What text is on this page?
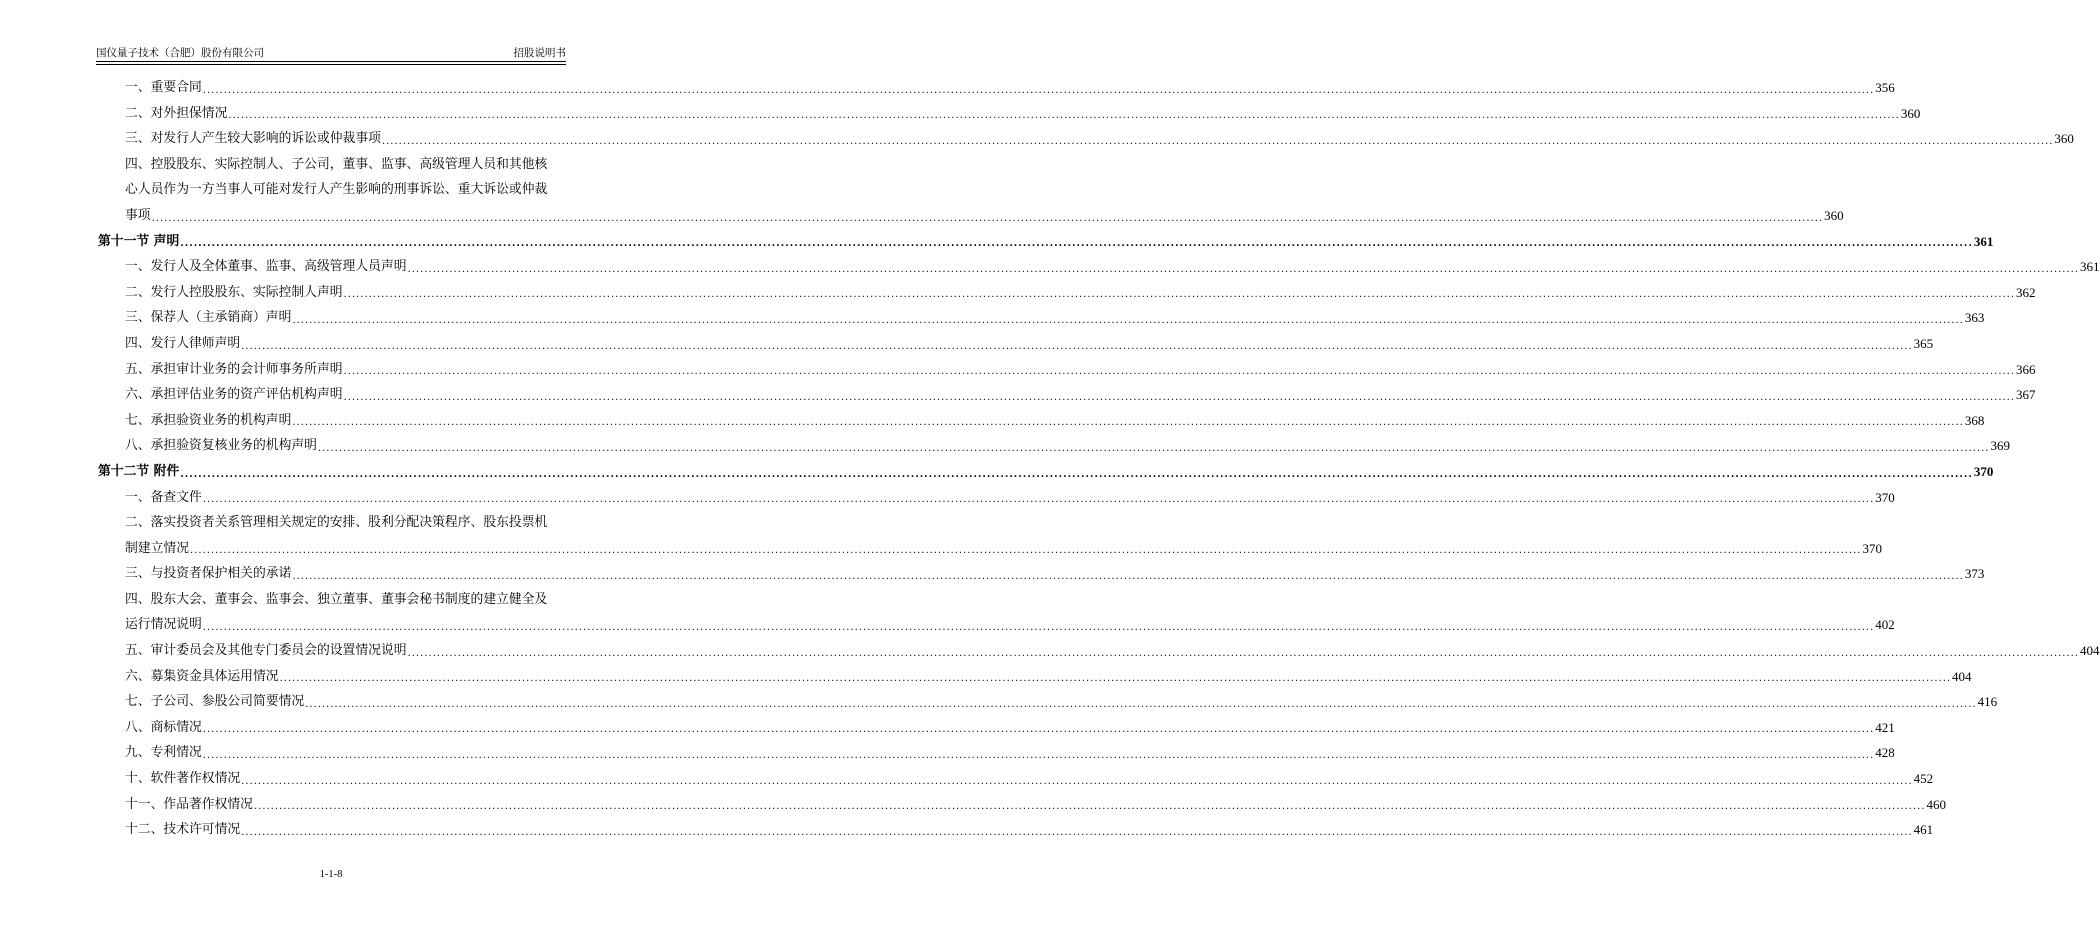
国仪量子技术（合肥）股份有限公司	招股说明书
一、重要合同 ................................................................................................................................................................................................................................................................................................................................................................................................................ 356
二、对外担保情况 ................................................................................................................................................................................................................................................................................................................................................................................................................ 360
三、对发行人产生较大影响的诉讼或仲裁事项 ................................................................................................................................................................................................................................................................................................................................................................................................................ 360
四、控股股东、实际控制人、子公司，董事、监事、高级管理人员和其他核
心人员作为一方当事人可能对发行人产生影响的刑事诉讼、重大诉讼或仲裁
事项 ................................................................................................................................................................................................................................................................................................................................................................................................................ 360
第十一节 声明 ................................................................................................................................................................................................................................................................................................................................................................................................................ 361
一、发行人及全体董事、监事、高级管理人员声明 ................................................................................................................................................................................................................................................................................................................................................................................................................ 361
二、发行人控股股东、实际控制人声明 ................................................................................................................................................................................................................................................................................................................................................................................................................ 362
三、保荐人（主承销商）声明 ................................................................................................................................................................................................................................................................................................................................................................................................................ 363
四、发行人律师声明 ................................................................................................................................................................................................................................................................................................................................................................................................................ 365
五、承担审计业务的会计师事务所声明 ................................................................................................................................................................................................................................................................................................................................................................................................................ 366
六、承担评估业务的资产评估机构声明 ................................................................................................................................................................................................................................................................................................................................................................................................................ 367
七、承担验资业务的机构声明 ................................................................................................................................................................................................................................................................................................................................................................................................................ 368
八、承担验资复核业务的机构声明 ................................................................................................................................................................................................................................................................................................................................................................................................................ 369
第十二节 附件 ................................................................................................................................................................................................................................................................................................................................................................................................................ 370
一、备查文件 ................................................................................................................................................................................................................................................................................................................................................................................................................ 370
二、落实投资者关系管理相关规定的安排、股利分配决策程序、股东投票机
制建立情况 ................................................................................................................................................................................................................................................................................................................................................................................................................ 370
三、与投资者保护相关的承诺 ................................................................................................................................................................................................................................................................................................................................................................................................................ 373
四、股东大会、董事会、监事会、独立董事、董事会秘书制度的建立健全及
运行情况说明 ................................................................................................................................................................................................................................................................................................................................................................................................................ 402
五、审计委员会及其他专门委员会的设置情况说明 ................................................................................................................................................................................................................................................................................................................................................................................................................ 404
六、募集资金具体运用情况 ................................................................................................................................................................................................................................................................................................................................................................................................................ 404
七、子公司、参股公司简要情况 ................................................................................................................................................................................................................................................................................................................................................................................................................ 416
八、商标情况 ................................................................................................................................................................................................................................................................................................................................................................................................................ 421
九、专利情况 ................................................................................................................................................................................................................................................................................................................................................................................................................ 428
十、软件著作权情况 ................................................................................................................................................................................................................................................................................................................................................................................................................ 452
十一、作品著作权情况 ................................................................................................................................................................................................................................................................................................................................................................................................................ 460
十二、技术许可情况 ................................................................................................................................................................................................................................................................................................................................................................................................................ 461
1-1-8
